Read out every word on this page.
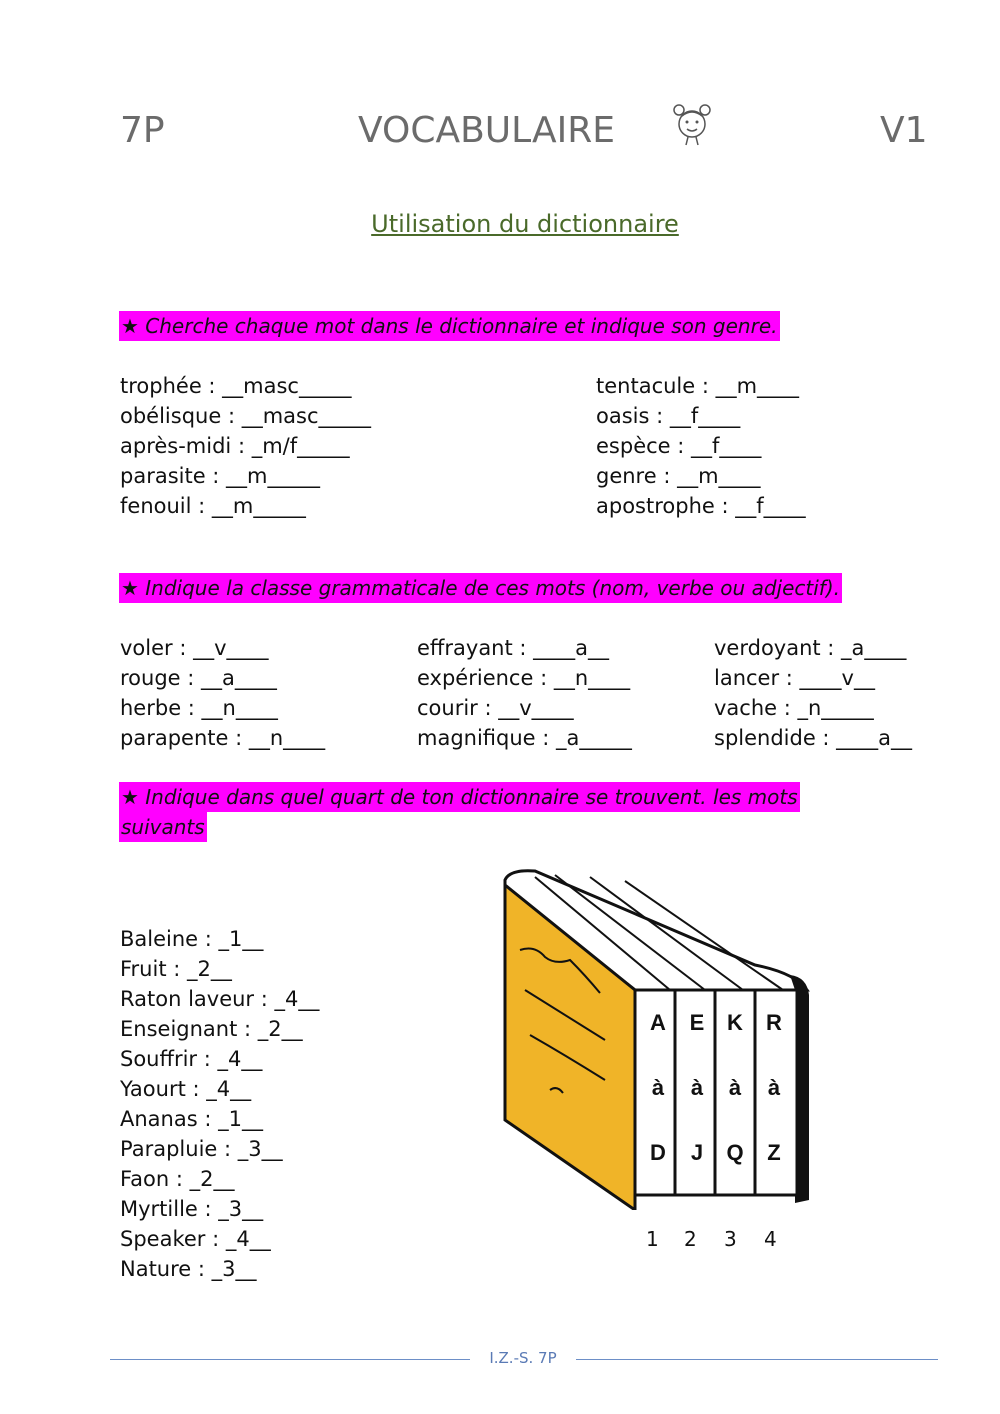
7P	VOCABULAIRE	V1
Utilisation du dictionnaire
★ Cherche chaque mot dans le dictionnaire et indique son genre.
trophée : __masc_____
obélisque : __masc_____
après-midi : _m/f_____
parasite : __m_____
fenouil : __m_____
tentacule : __m____
oasis : __f____
espèce : __f____
genre : __m____
apostrophe : __f____
★ Indique la classe grammaticale de ces mots (nom, verbe ou adjectif).
voler : __v____
rouge : __a____
herbe : __n____
parapente : __n____
effrayant : ____a__
expérience : __n____
courir : __v____
magnifique : _a_____
verdoyant : _a____
lancer : ____v__
vache : _n_____
splendide : ____a__
★ Indique dans quel quart de ton dictionnaire se trouvent. les mots
suivants
Baleine : _1__
Fruit : _2__
Raton laveur : _4__
Enseignant : _2__
Souffrir : _4__
Yaourt : _4__
Ananas : _1__
Parapluie : _3__
Faon : _2__
Myrtille : _3__
Speaker : _4__
Nature : _3__
A
à
D
E
à
J
K
à
Q
R
à
Z
1 2 3 4
I.Z.-S. 7P
